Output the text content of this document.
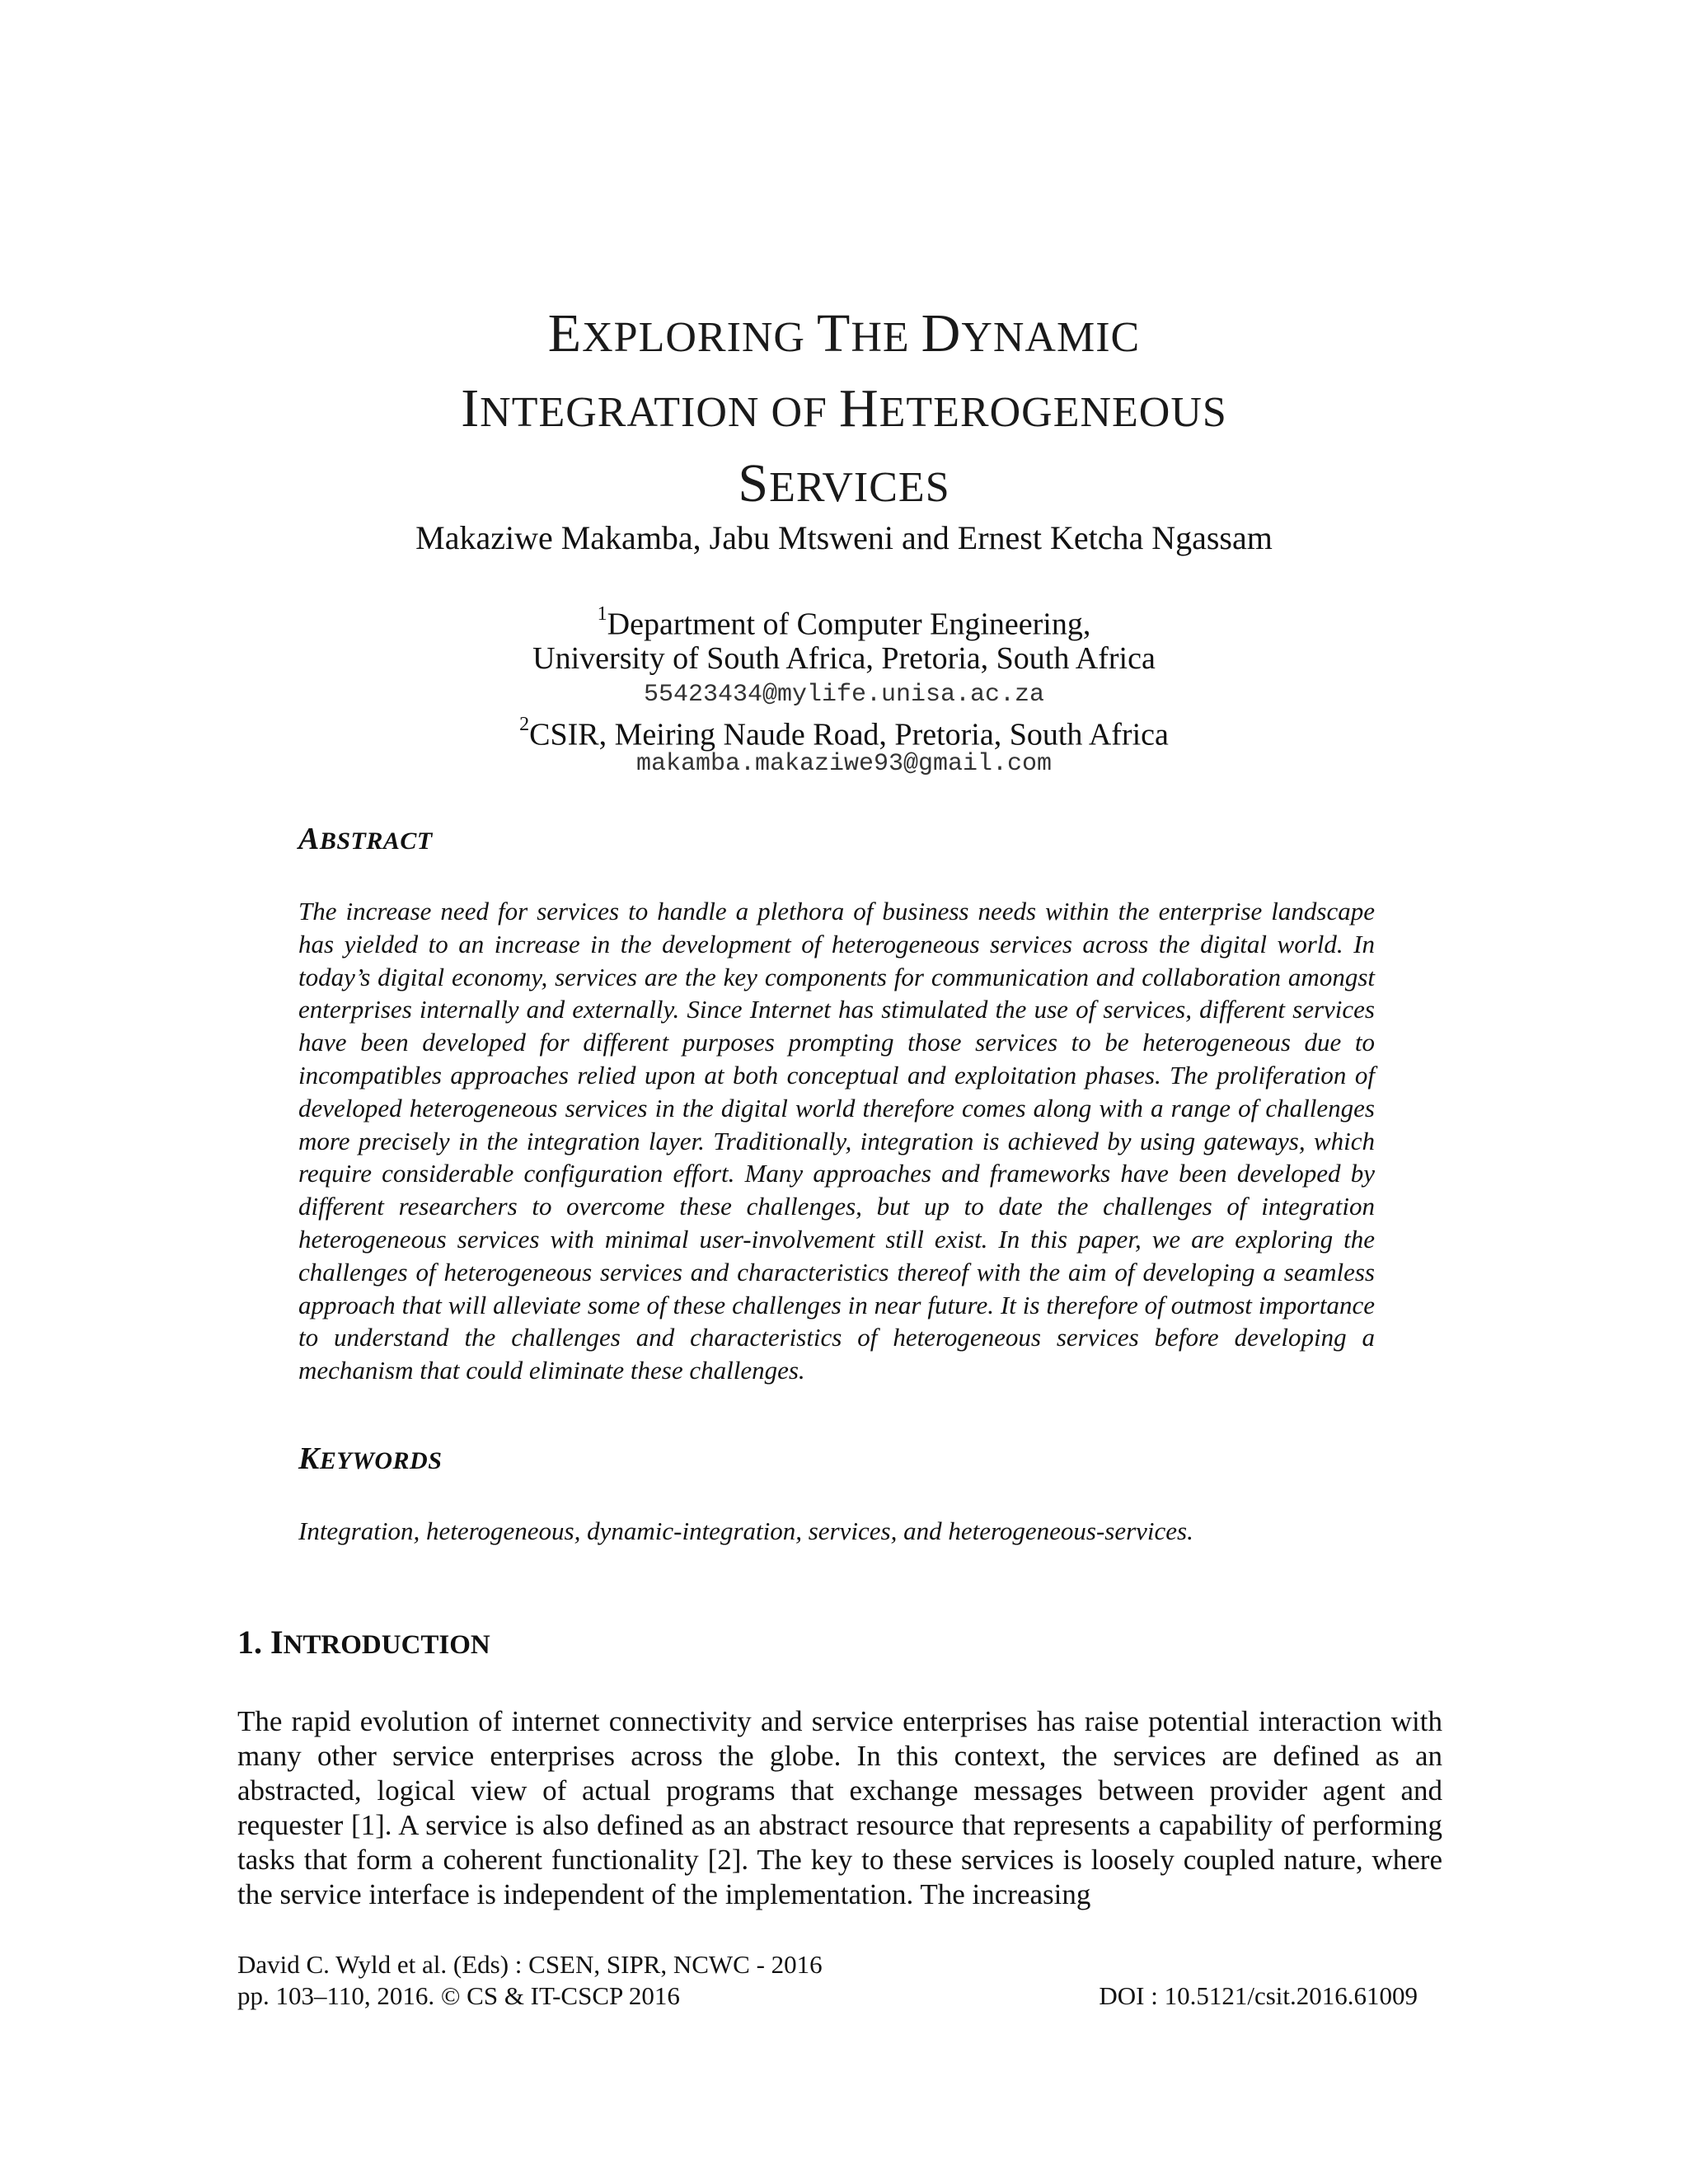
EXPLORING THE DYNAMIC
INTEGRATION OF HETEROGENEOUS
SERVICES
Makaziwe Makamba, Jabu Mtsweni and Ernest Ketcha Ngassam
$^1$Department of Computer Engineering,
University of South Africa, Pretoria, South Africa
55423434@mylife.unisa.ac.za
$^2$CSIR, Meiring Naude Road, Pretoria, South Africa
makamba.makaziwe93@gmail.com
ABSTRACT
The increase need for services to handle a plethora of business needs within the enterprise landscape has yielded to an increase in the development of heterogeneous services across the digital world. In today’s digital economy, services are the key components for communication and collaboration amongst enterprises internally and externally. Since Internet has stimulated the use of services, different services have been developed for different purposes prompting those services to be heterogeneous due to incompatibles approaches relied upon at both conceptual and exploitation phases. The proliferation of developed heterogeneous services in the digital world therefore comes along with a range of challenges more precisely in the integration layer. Traditionally, integration is achieved by using gateways, which require considerable configuration effort. Many approaches and frameworks have been developed by different researchers to overcome these challenges, but up to date the challenges of integration heterogeneous services with minimal user-involvement still exist. In this paper, we are exploring the challenges of heterogeneous services and characteristics thereof with the aim of developing a seamless approach that will alleviate some of these challenges in near future. It is therefore of outmost importance to understand the challenges and characteristics of heterogeneous services before developing a mechanism that could eliminate these challenges.
KEYWORDS
Integration, heterogeneous, dynamic-integration, services, and heterogeneous-services.
1. INTRODUCTION
The rapid evolution of internet connectivity and service enterprises has raise potential interaction with many other service enterprises across the globe. In this context, the services are defined as an abstracted, logical view of actual programs that exchange messages between provider agent and requester [1]. A service is also defined as an abstract resource that represents a capability of performing tasks that form a coherent functionality [2]. The key to these services is loosely coupled nature, where the service interface is independent of the implementation. The increasing
David C. Wyld et al. (Eds) : CSEN, SIPR, NCWC - 2016
pp. 103–110, 2016. © CS & IT-CSCP 2016	DOI : 10.5121/csit.2016.61009
